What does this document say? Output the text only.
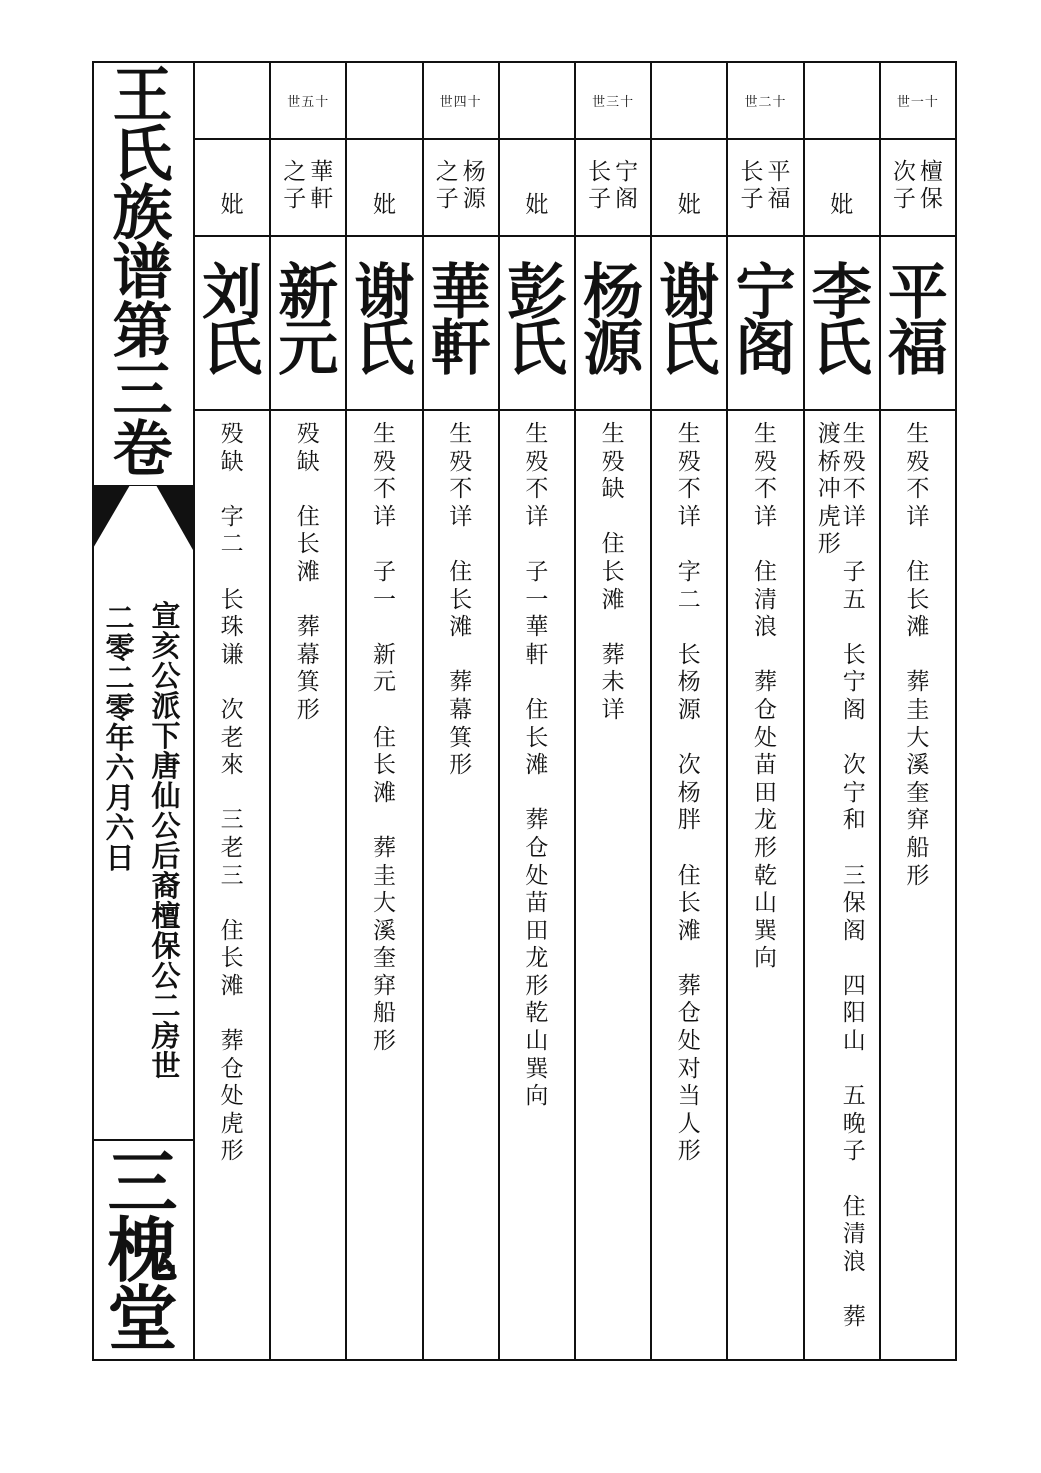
王
氏
族
谱
第
三
卷
宣
亥
公
派
下
唐
仙
公
后
裔
檀
保
公
二
房
世
二
零
二
零
年
六
月
六
日
三
槐
堂
世一十
檀
保
次
子
平
福
生
殁
不
详

住
长
滩

葬
圭
大
溪
奎
穽
船
形
妣
李
氏
生
殁
不
详

子
五

长
宁
阁

次
宁
和

三
保
阁

四
阳
山

五
晚
子

住
清
浪

葬
渡
桥
冲
虎
形
世二十
平
福
长
子
宁
阁
生
殁
不
详

住
清
浪

葬
仓
处
苗
田
龙
形
乾
山
巽
向
妣
谢
氏
生
殁
不
详

字
二

长
杨
源

次
杨
胖

住
长
滩

葬
仓
处
对
当
人
形
世三十
宁
阁
长
子
杨
源
生
殁
缺

住
长
滩

葬
未
详
妣
彭
氏
生
殁
不
详

子
一
華
軒

住
长
滩

葬
仓
处
苗
田
龙
形
乾
山
巽
向
世四十
杨
源
之
子
華
軒
生
殁
不
详

住
长
滩

葬
幕
箕
形
妣
谢
氏
生
殁
不
详

子
一

新
元

住
长
滩

葬
圭
大
溪
奎
穽
船
形
世五十
華
軒
之
子
新
元
殁
缺

住
长
滩

葬
幕
箕
形
妣
刘
氏
殁
缺

字
二

长
珠
谦

次
老
來

三
老
三

住
长
滩

葬
仓
处
虎
形
